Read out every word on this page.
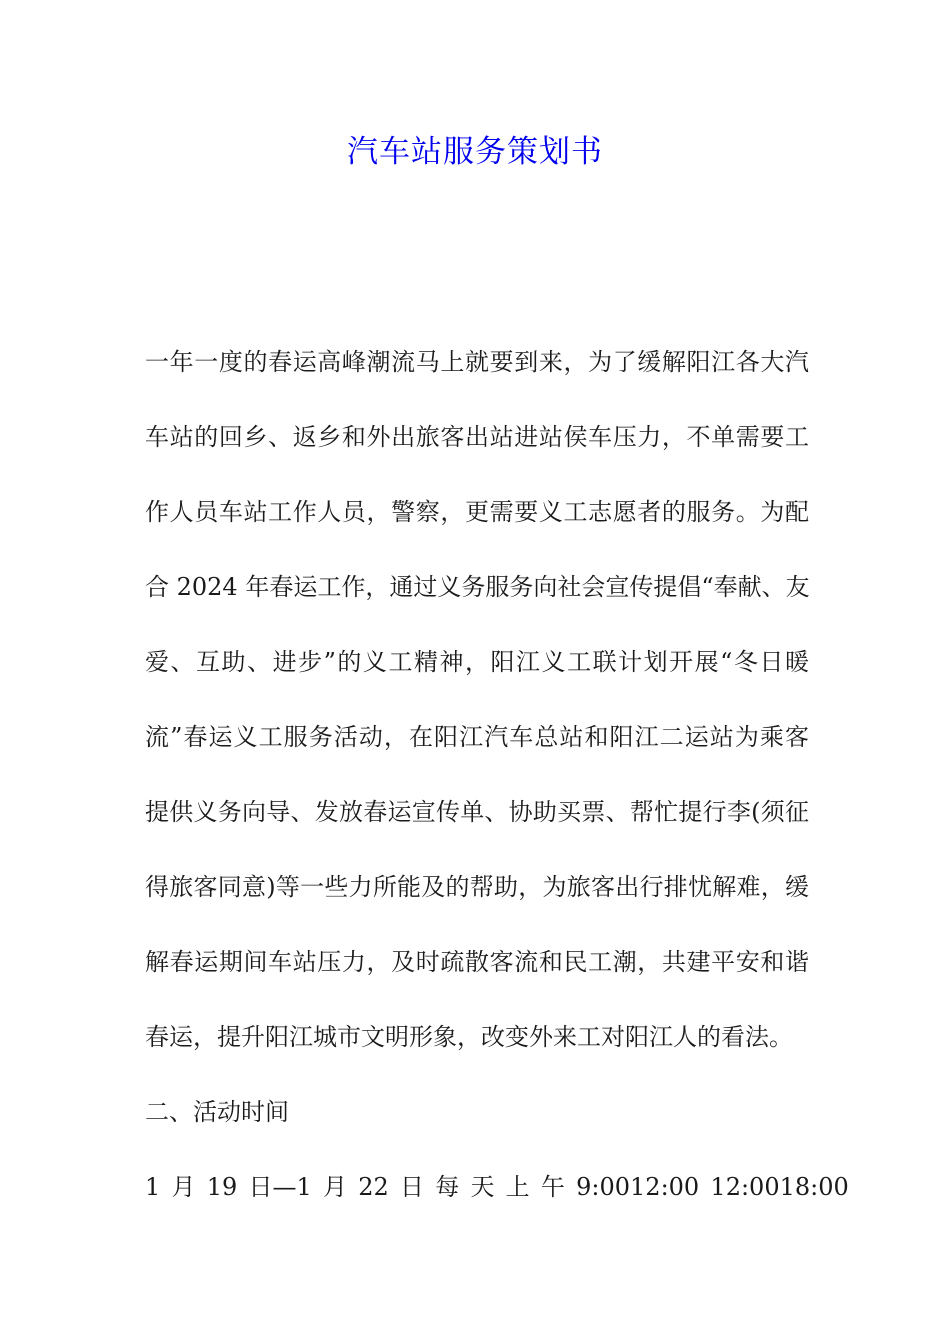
汽车站服务策划书
一年一度的春运高峰潮流马上就要到来，为了缓解阳江各大汽
车站的回乡、返乡和外出旅客出站进站侯车压力，不单需要工
作人员车站工作人员，警察，更需要义工志愿者的服务。为配
合 2024 年春运工作，通过义务服务向社会宣传提倡“奉献、友
爱、互助、进步”的义工精神，阳江义工联计划开展“冬日暖
流”春运义工服务活动，在阳江汽车总站和阳江二运站为乘客
提供义务向导、发放春运宣传单、协助买票、帮忙提行李(须征
得旅客同意)等一些力所能及的帮助，为旅客出行排忧解难，缓
解春运期间车站压力，及时疏散客流和民工潮，共建平安和谐
春运，提升阳江城市文明形象，改变外来工对阳江人的看法。
二、活动时间
1 月 19 日—1 月 22 日 每 天 上 午 9:0012:00 12:0018:00
